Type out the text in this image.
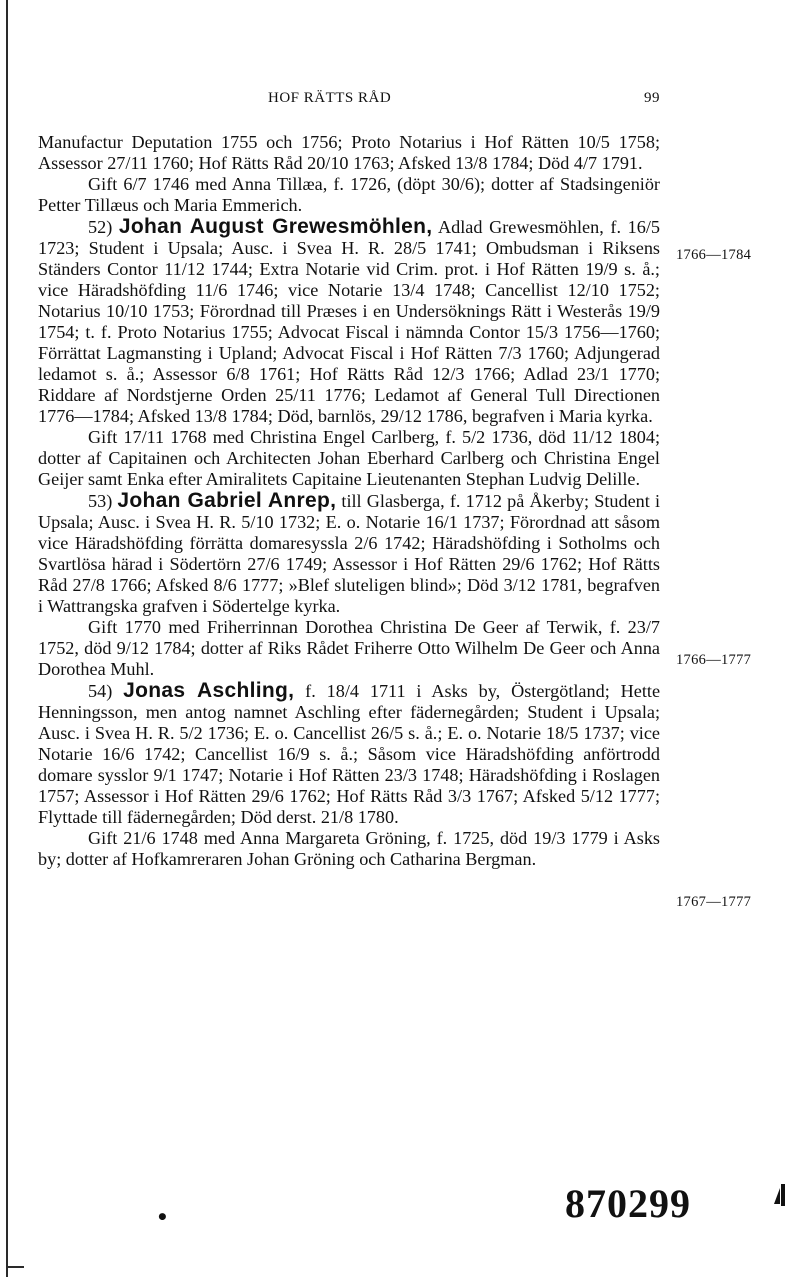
HOF RÄTTS RÅD	99

Manufactur Deputation 1755 och 1756; Proto Notarius i Hof Rätten 10/5 1758; Assessor 27/11 1760; Hof Rätts Råd 20/10 1763; Afsked 13/8 1784; Död 4/7 1791.

Gift 6/7 1746 med Anna Tillæa, f. 1726, (döpt 30/6); dotter af Stadsingeniör Petter Tillæus och Maria Emmerich.

52) Johan August Grewesmöhlen, Adlad Grewesmöhlen, f. 16/5 1723; Student i Upsala; Ausc. i Svea H. R. 28/5 1741; Ombudsman i Riksens Ständers Contor 11/12 1744; Extra Notarie vid Crim. prot. i Hof Rätten 19/9 s. å.; vice Häradshöfding 11/6 1746; vice Notarie 13/4 1748; Cancellist 12/10 1752; Notarius 10/10 1753; Förordnad till Præses i en Undersöknings Rätt i Westerås 19/9 1754; t. f. Proto Notarius 1755; Advocat Fiscal i nämnda Contor 15/3 1756—1760; Förrättat Lagmansting i Upland; Advocat Fiscal i Hof Rätten 7/3 1760; Adjungerad ledamot s. å.; Assessor 6/8 1761; Hof Rätts Råd 12/3 1766; Adlad 23/1 1770; Riddare af Nordstjerne Orden 25/11 1776; Ledamot af General Tull Directionen 1776—1784; Afsked 13/8 1784; Död, barnlös, 29/12 1786, begrafven i Maria kyrka.

Gift 17/11 1768 med Christina Engel Carlberg, f. 5/2 1736, död 11/12 1804; dotter af Capitainen och Architecten Johan Eberhard Carlberg och Christina Engel Geijer samt Enka efter Amiralitets Capitaine Lieutenanten Stephan Ludvig Delille.

53) Johan Gabriel Anrep, till Glasberga, f. 1712 på Åkerby; Student i Upsala; Ausc. i Svea H. R. 5/10 1732; E. o. Notarie 16/1 1737; Förordnad att såsom vice Häradshöfding förrätta domaresyssla 2/6 1742; Häradshöfding i Sotholms och Svartlösa härad i Södertörn 27/6 1749; Assessor i Hof Rätten 29/6 1762; Hof Rätts Råd 27/8 1766; Afsked 8/6 1777; »Blef sluteligen blind»; Död 3/12 1781, begrafven i Wattrangska grafven i Södertelge kyrka.

Gift 1770 med Friherrinnan Dorothea Christina De Geer af Terwik, f. 23/7 1752, död 9/12 1784; dotter af Riks Rådet Friherre Otto Wilhelm De Geer och Anna Dorothea Muhl.

54) Jonas Aschling, f. 18/4 1711 i Asks by, Östergötland; Hette Henningsson, men antog namnet Aschling efter fädernegården; Student i Upsala; Ausc. i Svea H. R. 5/2 1736; E. o. Cancellist 26/5 s. å.; E. o. Notarie 18/5 1737; vice Notarie 16/6 1742; Cancellist 16/9 s. å.; Såsom vice Häradshöfding anförtrodd domare sysslor 9/1 1747; Notarie i Hof Rätten 23/3 1748; Häradshöfding i Roslagen 1757; Assessor i Hof Rätten 29/6 1762; Hof Rätts Råd 3/3 1767; Afsked 5/12 1777; Flyttade till fädernegården; Död derst. 21/8 1780.

Gift 21/6 1748 med Anna Margareta Gröning, f. 1725, död 19/3 1779 i Asks by; dotter af Hofkamreraren Johan Gröning och Catharina Bergman.

1766—1784
1766—1777
1767—1777
•	870299
